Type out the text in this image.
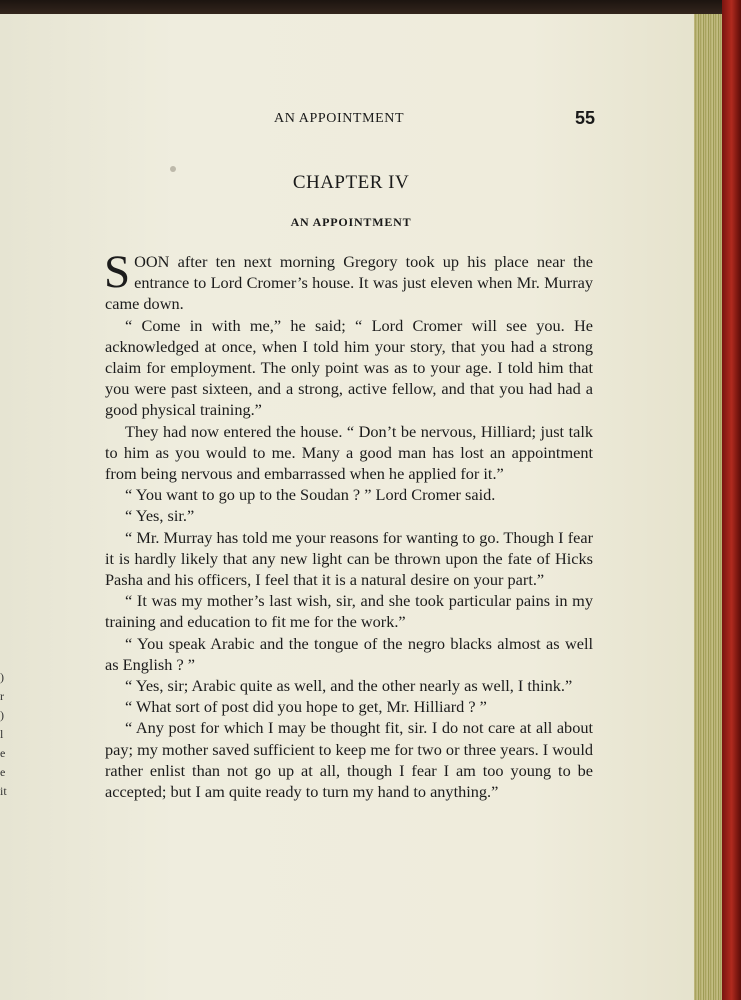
)
r
)
l
e
e
it
AN APPOINTMENT	55
CHAPTER IV
AN APPOINTMENT

SOON after ten next morning Gregory took up his place near the entrance to Lord Cromer’s house. It was just eleven when Mr. Murray came down.

“ Come in with me,” he said; “ Lord Cromer will see you. He acknowledged at once, when I told him your story, that you had a strong claim for employment. The only point was as to your age. I told him that you were past sixteen, and a strong, active fellow, and that you had had a good physical training.”

They had now entered the house. “ Don’t be nervous, Hilliard; just talk to him as you would to me. Many a good man has lost an appointment from being nervous and embarrassed when he applied for it.”

“ You want to go up to the Soudan ? ” Lord Cromer said.

“ Yes, sir.”

“ Mr. Murray has told me your reasons for wanting to go. Though I fear it is hardly likely that any new light can be thrown upon the fate of Hicks Pasha and his officers, I feel that it is a natural desire on your part.”

“ It was my mother’s last wish, sir, and she took particular pains in my training and education to fit me for the work.”

“ You speak Arabic and the tongue of the negro blacks almost as well as English ? ”

“ Yes, sir; Arabic quite as well, and the other nearly as well, I think.”

“ What sort of post did you hope to get, Mr. Hilliard ? ”

“ Any post for which I may be thought fit, sir. I do not care at all about pay; my mother saved sufficient to keep me for two or three years. I would rather enlist than not go up at all, though I fear I am too young to be accepted; but I am quite ready to turn my hand to anything.”
